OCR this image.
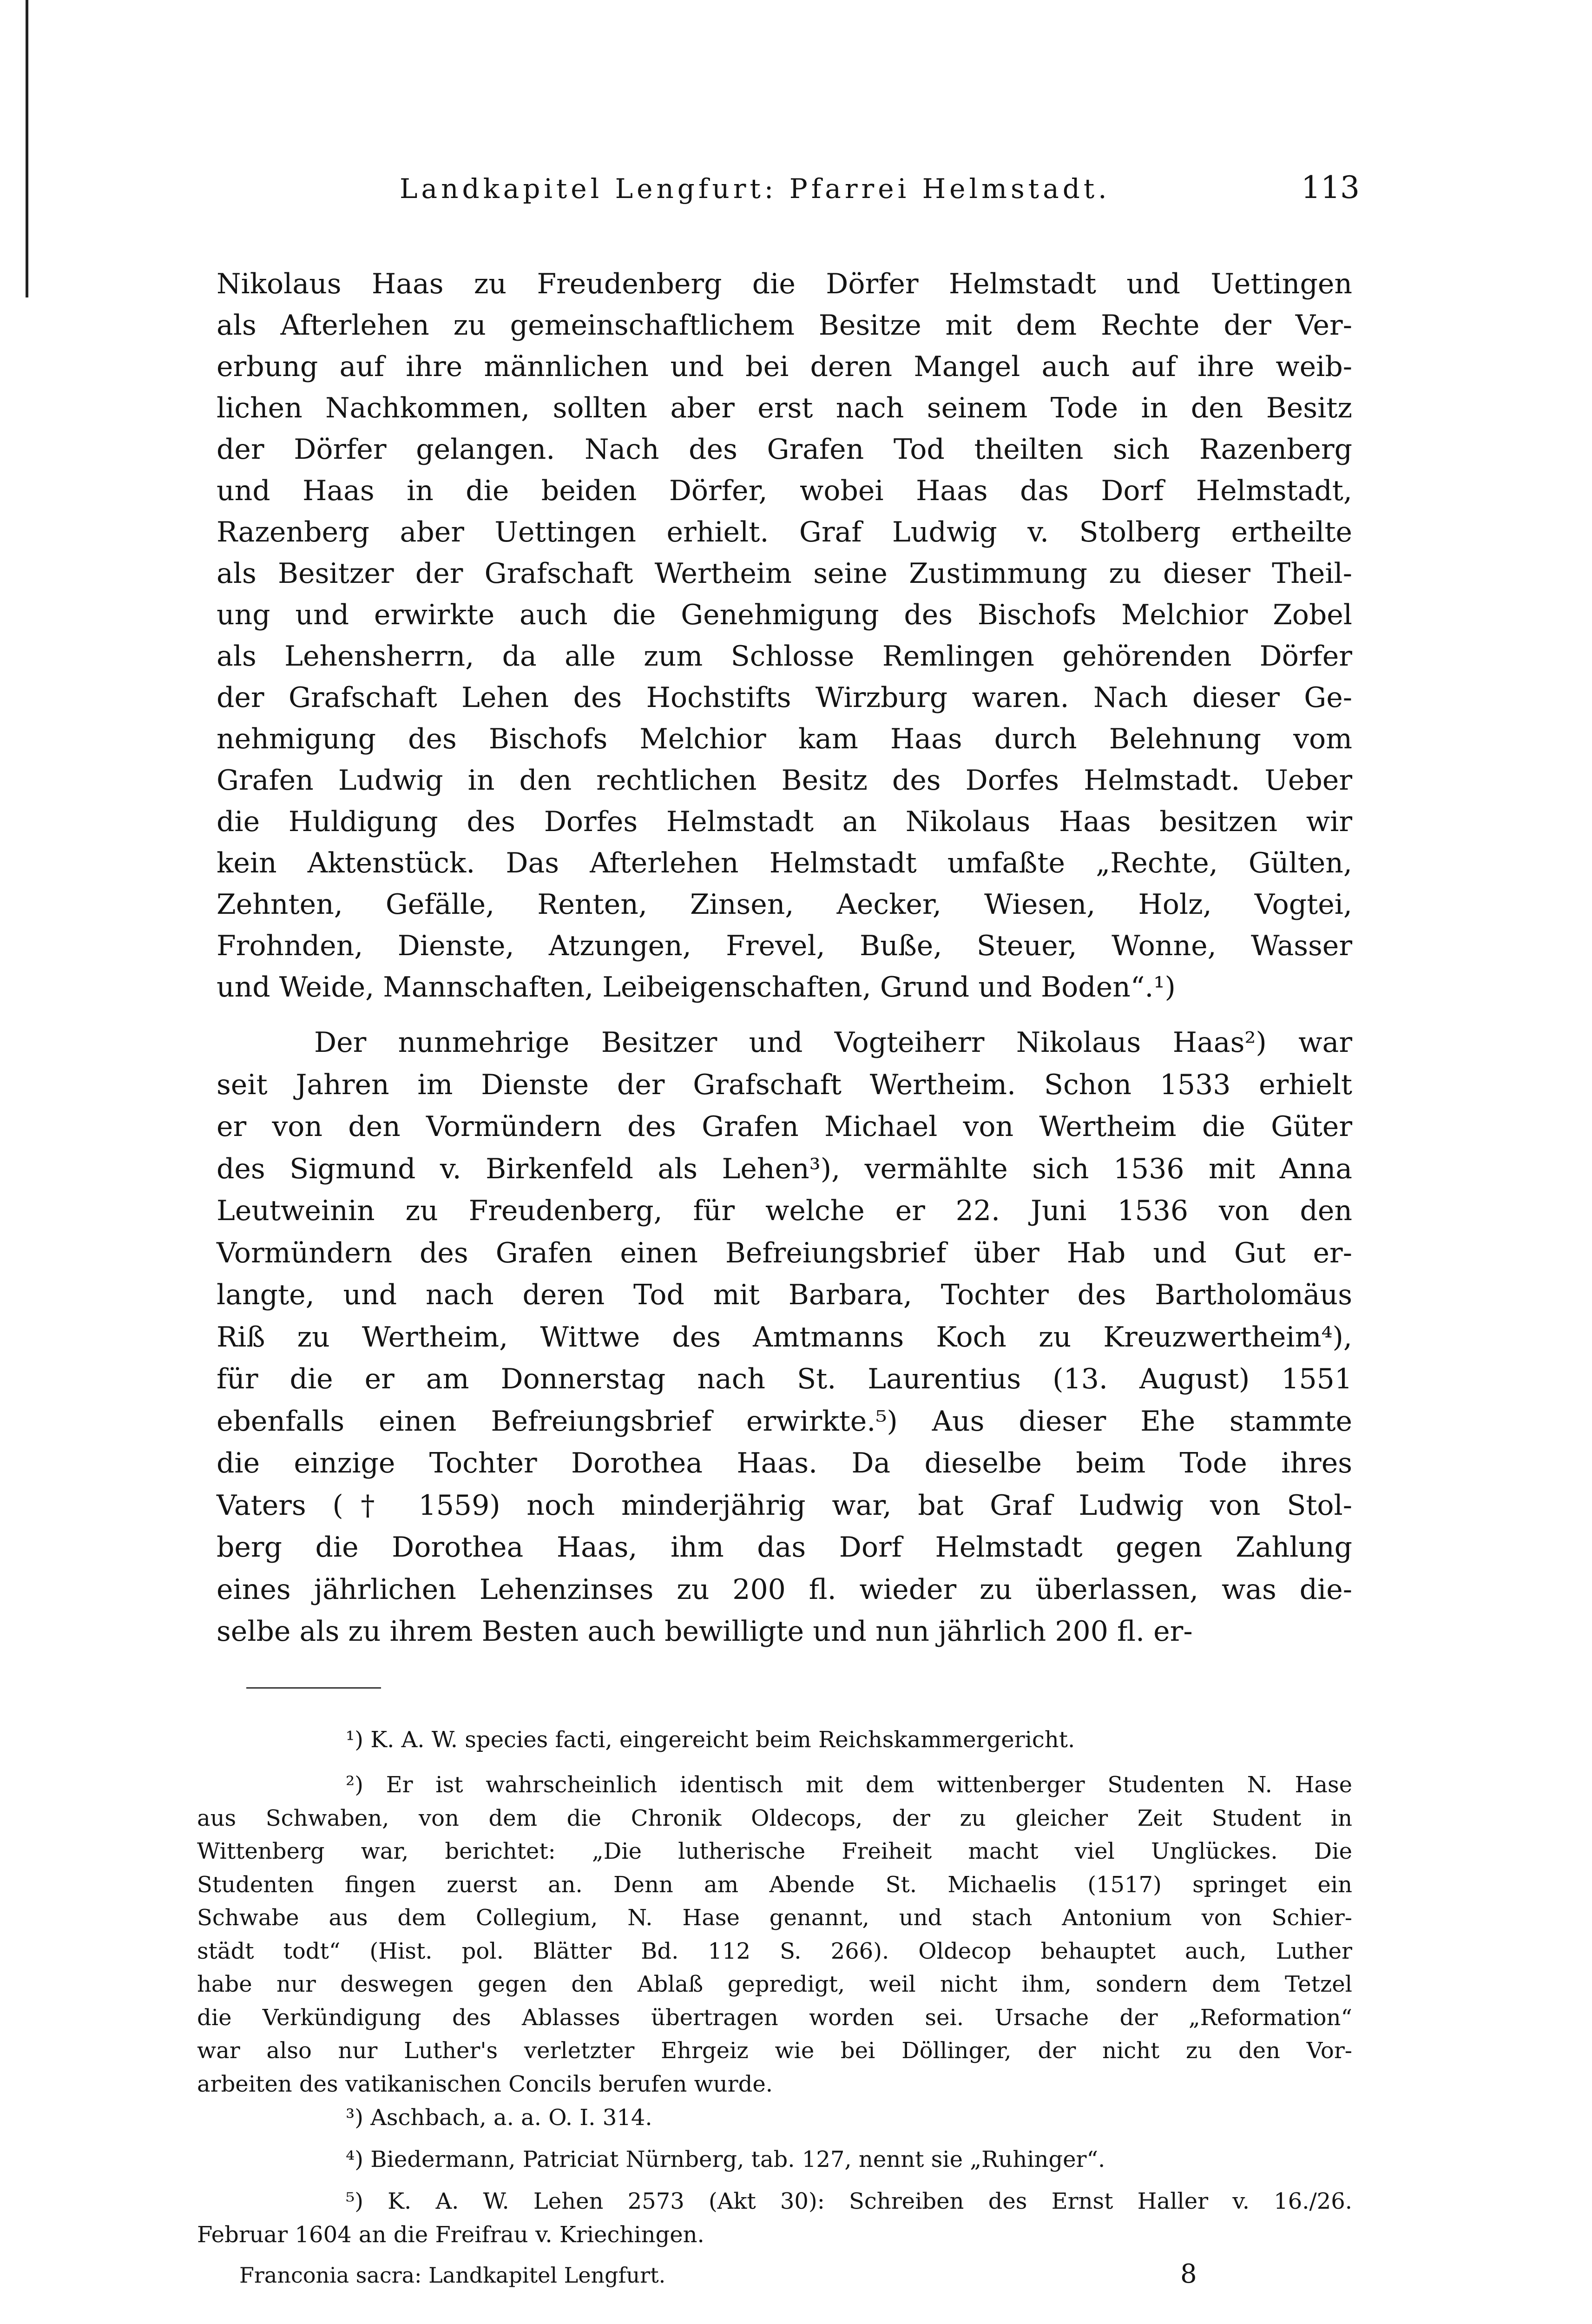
Landkapitel Lengfurt: Pfarrei Helmstadt.	113
Nikolaus Haas zu Freudenberg die Dörfer Helmstadt und Uettingen
als Afterlehen zu gemeinschaftlichem Besitze mit dem Rechte der Ver-
erbung auf ihre männlichen und bei deren Mangel auch auf ihre weib-
lichen Nachkommen, sollten aber erst nach seinem Tode in den Besitz
der Dörfer gelangen. Nach des Grafen Tod theilten sich Razenberg
und Haas in die beiden Dörfer, wobei Haas das Dorf Helmstadt,
Razenberg aber Uettingen erhielt. Graf Ludwig v. Stolberg ertheilte
als Besitzer der Grafschaft Wertheim seine Zustimmung zu dieser Theil-
ung und erwirkte auch die Genehmigung des Bischofs Melchior Zobel
als Lehensherrn, da alle zum Schlosse Remlingen gehörenden Dörfer
der Grafschaft Lehen des Hochstifts Wirzburg waren. Nach dieser Ge-
nehmigung des Bischofs Melchior kam Haas durch Belehnung vom
Grafen Ludwig in den rechtlichen Besitz des Dorfes Helmstadt. Ueber
die Huldigung des Dorfes Helmstadt an Nikolaus Haas besitzen wir
kein Aktenstück. Das Afterlehen Helmstadt umfaßte „Rechte, Gülten,
Zehnten, Gefälle, Renten, Zinsen, Aecker, Wiesen, Holz, Vogtei,
Frohnden, Dienste, Atzungen, Frevel, Buße, Steuer, Wonne, Wasser
und Weide, Mannschaften, Leibeigenschaften, Grund und Boden“.¹)
Der nunmehrige Besitzer und Vogteiherr Nikolaus Haas²) war
seit Jahren im Dienste der Grafschaft Wertheim. Schon 1533 erhielt
er von den Vormündern des Grafen Michael von Wertheim die Güter
des Sigmund v. Birkenfeld als Lehen³), vermählte sich 1536 mit Anna
Leutweinin zu Freudenberg, für welche er 22. Juni 1536 von den
Vormündern des Grafen einen Befreiungsbrief über Hab und Gut er-
langte, und nach deren Tod mit Barbara, Tochter des Bartholomäus
Riß zu Wertheim, Wittwe des Amtmanns Koch zu Kreuzwertheim⁴),
für die er am Donnerstag nach St. Laurentius (13. August) 1551
ebenfalls einen Befreiungsbrief erwirkte.⁵) Aus dieser Ehe stammte
die einzige Tochter Dorothea Haas. Da dieselbe beim Tode ihres
Vaters († 1559) noch minderjährig war, bat Graf Ludwig von Stol-
berg die Dorothea Haas, ihm das Dorf Helmstadt gegen Zahlung
eines jährlichen Lehenzinses zu 200 fl. wieder zu überlassen, was die-
selbe als zu ihrem Besten auch bewilligte und nun jährlich 200 fl. er-
¹) K. A. W. species facti, eingereicht beim Reichskammergericht.
²) Er ist wahrscheinlich identisch mit dem wittenberger Studenten N. Hase
aus Schwaben, von dem die Chronik Oldecops, der zu gleicher Zeit Student in
Wittenberg war, berichtet: „Die lutherische Freiheit macht viel Unglückes. Die
Studenten fingen zuerst an. Denn am Abende St. Michaelis (1517) springet ein
Schwabe aus dem Collegium, N. Hase genannt, und stach Antonium von Schier-
städt todt“ (Hist. pol. Blätter Bd. 112 S. 266). Oldecop behauptet auch, Luther
habe nur deswegen gegen den Ablaß gepredigt, weil nicht ihm, sondern dem Tetzel
die Verkündigung des Ablasses übertragen worden sei. Ursache der „Reformation“
war also nur Luther's verletzter Ehrgeiz wie bei Döllinger, der nicht zu den Vor-
arbeiten des vatikanischen Concils berufen wurde.
³) Aschbach, a. a. O. I. 314.
⁴) Biedermann, Patriciat Nürnberg, tab. 127, nennt sie „Ruhinger“.
⁵) K. A. W. Lehen 2573 (Akt 30): Schreiben des Ernst Haller v. 16./26.
Februar 1604 an die Freifrau v. Kriechingen.
Franconia sacra: Landkapitel Lengfurt.	8
